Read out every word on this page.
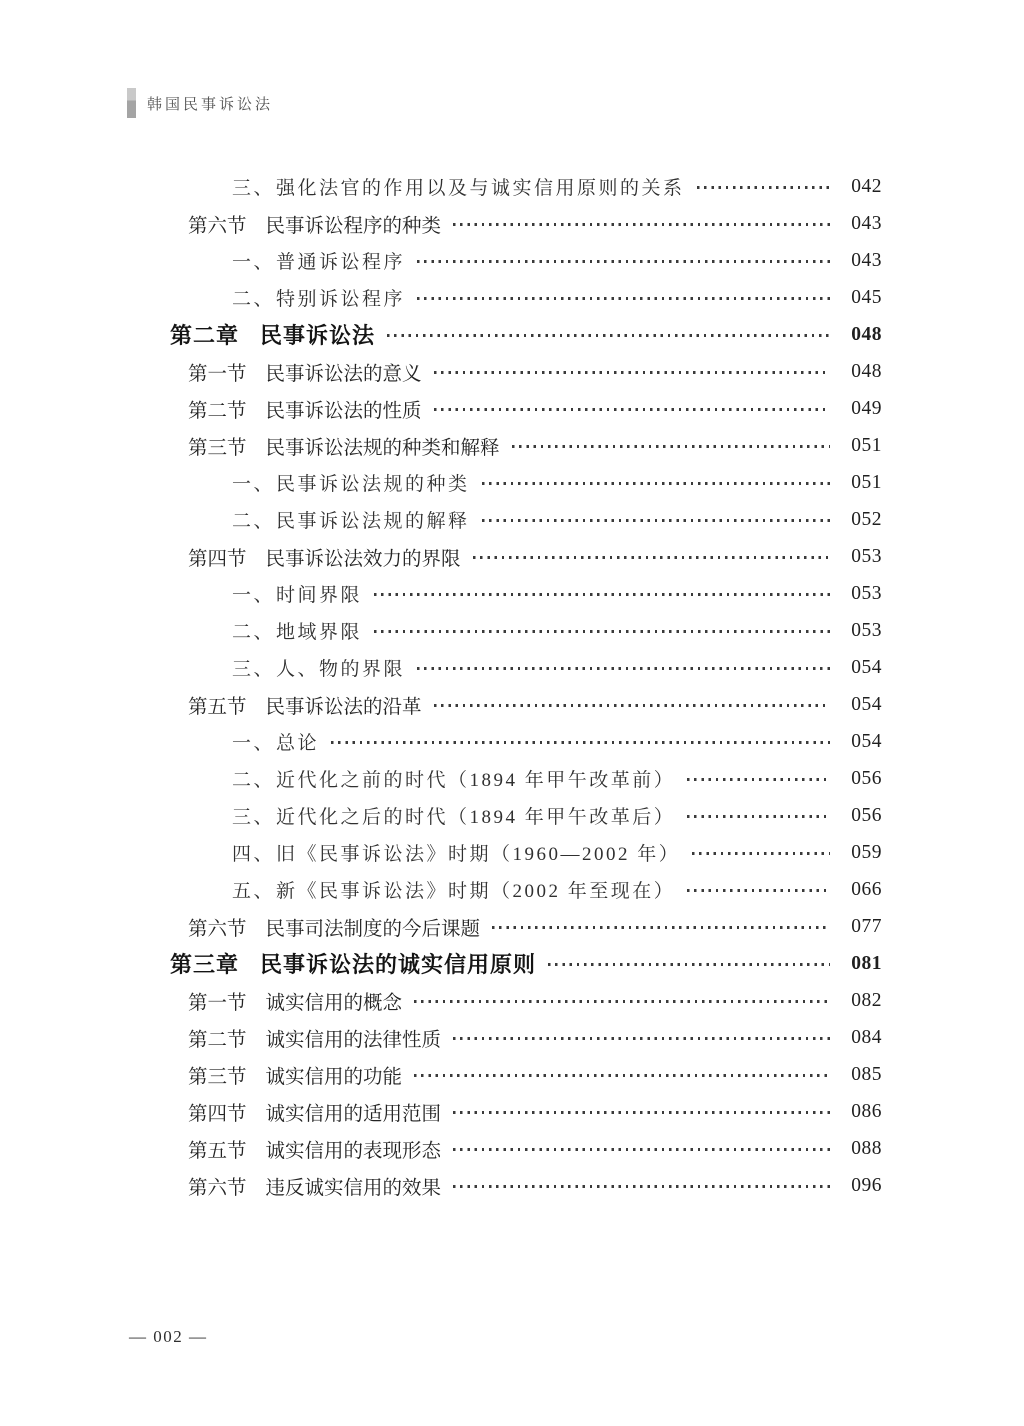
韩国民事诉讼法
三、 强化法官的作用以及与诚实信用原则的关系	042
第六节 民事诉讼程序的种类	043
一、 普通诉讼程序	043
二、 特别诉讼程序	045
第二章 民事诉讼法	048
第一节 民事诉讼法的意义	048
第二节 民事诉讼法的性质	049
第三节 民事诉讼法规的种类和解释	051
一、 民事诉讼法规的种类	051
二、 民事诉讼法规的解释	052
第四节 民事诉讼法效力的界限	053
一、 时间界限	053
二、 地域界限	053
三、 人、物的界限	054
第五节 民事诉讼法的沿革	054
一、 总论	054
二、 近代化之前的时代（1894 年甲午改革前）	056
三、 近代化之后的时代（1894 年甲午改革后）	056
四、 旧《民事诉讼法》时期（1960—2002 年）	059
五、 新《民事诉讼法》时期（2002 年至现在）	066
第六节 民事司法制度的今后课题	077
第三章 民事诉讼法的诚实信用原则	081
第一节 诚实信用的概念	082
第二节 诚实信用的法律性质	084
第三节 诚实信用的功能	085
第四节 诚实信用的适用范围	086
第五节 诚实信用的表现形态	088
第六节 违反诚实信用的效果	096
— 002 —
